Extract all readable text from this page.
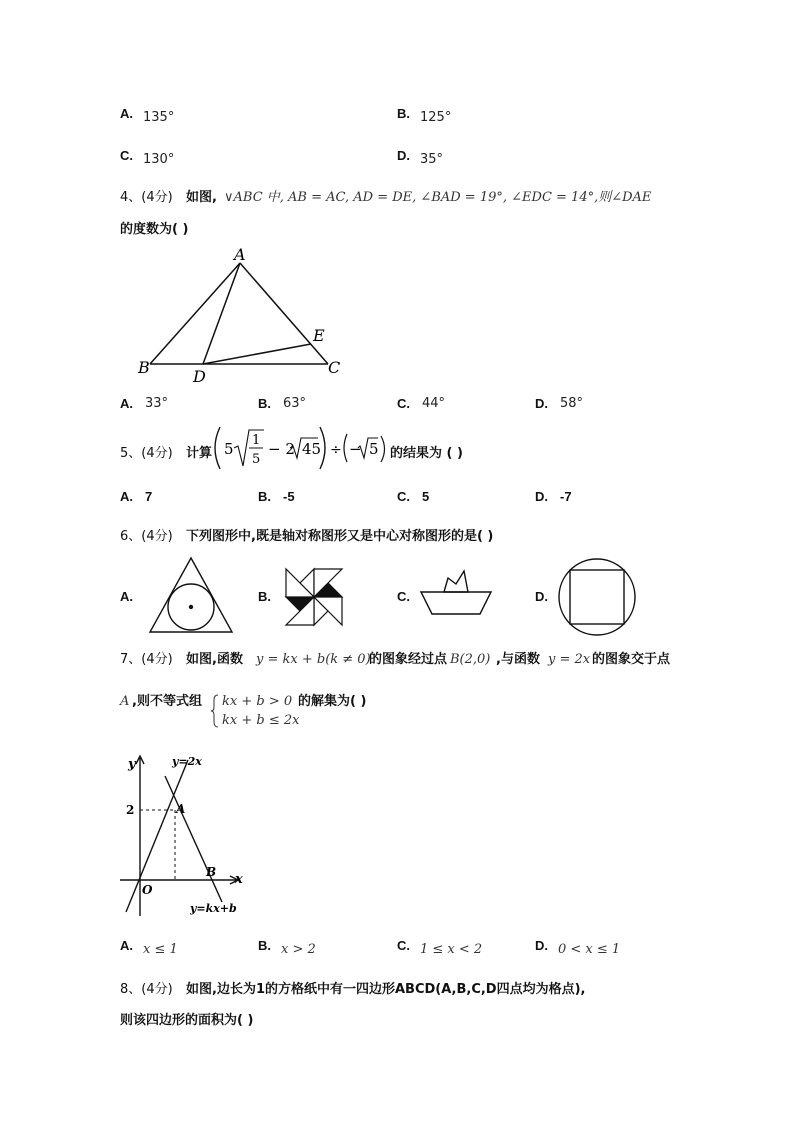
A. 135°	B. 125°
C. 130°	D. 35°
4、(4分) 如图, ∨ABC 中, AB = AC, AD = DE, ∠BAD = 19°, ∠EDC = 14°,则∠DAE
的度数为( )
A
B	C
D
E
A. 33°	B. 63°	C. 44°	D. 58°
5、(4分) 计算 5 1
5
− 2 45 ÷ − 5 的结果为 ( )
A. 7	B. -5	C. 5	D. -7
6、(4分) 下列图形中,既是轴对称图形又是中心对称图形的是( )
A.	B.	C.	D.
7、(4分) 如图,函数 y = kx + b(k ≠ 0)
的图象经过点 B(2,0) ,与函数 y = 2x 的图象交于点
A ,则不等式组 kx + b > 0
kx + b ≤ 2x
的解集为( )
y
x
O
2	A
B
y=2x
y=kx+b
A. x ≤ 1	B. x > 2	C. 1 ≤ x < 2	D. 0 < x ≤ 1
8、(4分) 如图,边长为1的方格纸中有一四边形ABCD(A,B,C,D四点均为格点),
则该四边形的面积为( )
